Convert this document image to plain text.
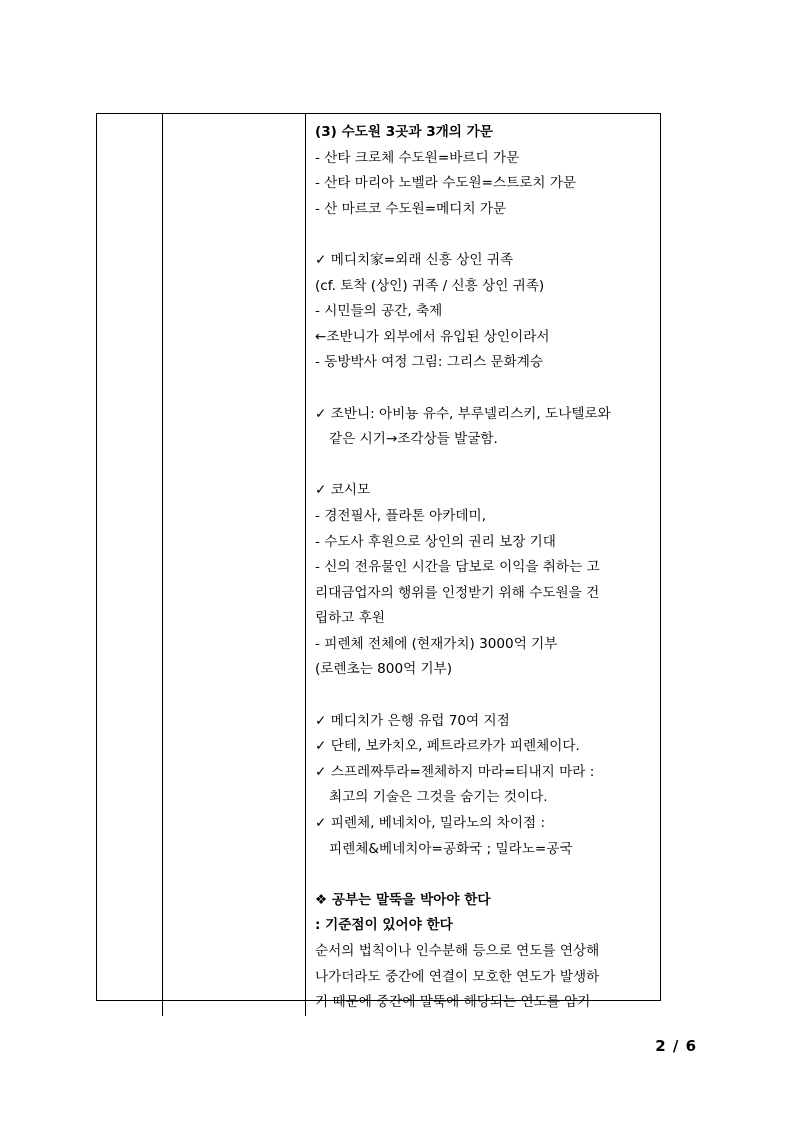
(3) 수도원 3곳과 3개의 가문
- 산타 크로체 수도원=바르디 가문
- 산타 마리아 노벨라 수도원=스트로치 가문
- 산 마르코 수도원=메디치 가문
✓ 메디치家=외래 신흥 상인 귀족
(cf. 토착 (상인) 귀족 / 신흥 상인 귀족)
- 시민들의 공간, 축제
←조반니가 외부에서 유입된 상인이라서
- 동방박사 여정 그림: 그리스 문화계승
✓ 조반니: 아비뇽 유수, 부루넬리스키, 도나텔로와
같은 시기→조각상들 발굴함.
✓ 코시모
- 경전필사, 플라톤 아카데미,
- 수도사 후원으로 상인의 권리 보장 기대
- 신의 전유물인 시간을 담보로 이익을 취하는 고
리대금업자의 행위를 인정받기 위해 수도원을 건
립하고 후원
- 피렌체 전체에 (현재가치) 3000억 기부
(로렌초는 800억 기부)
✓ 메디치가 은행 유럽 70여 지점
✓ 단테, 보카치오, 페트라르카가 피렌체이다.
✓ 스프레짜투라=젠체하지 마라=티내지 마라 :
최고의 기술은 그것을 숨기는 것이다.
✓ 피렌체, 베네치아, 밀라노의 차이점 :
피렌체&베네치아=공화국 ; 밀라노=공국
❖ 공부는 말뚝을 박아야 한다
: 기준점이 있어야 한다
순서의 법칙이나 인수분해 등으로 연도를 연상해
나가더라도 중간에 연결이 모호한 연도가 발생하
기 때문에 중간에 말뚝에 해당되는 연도를 암기
2 / 6
